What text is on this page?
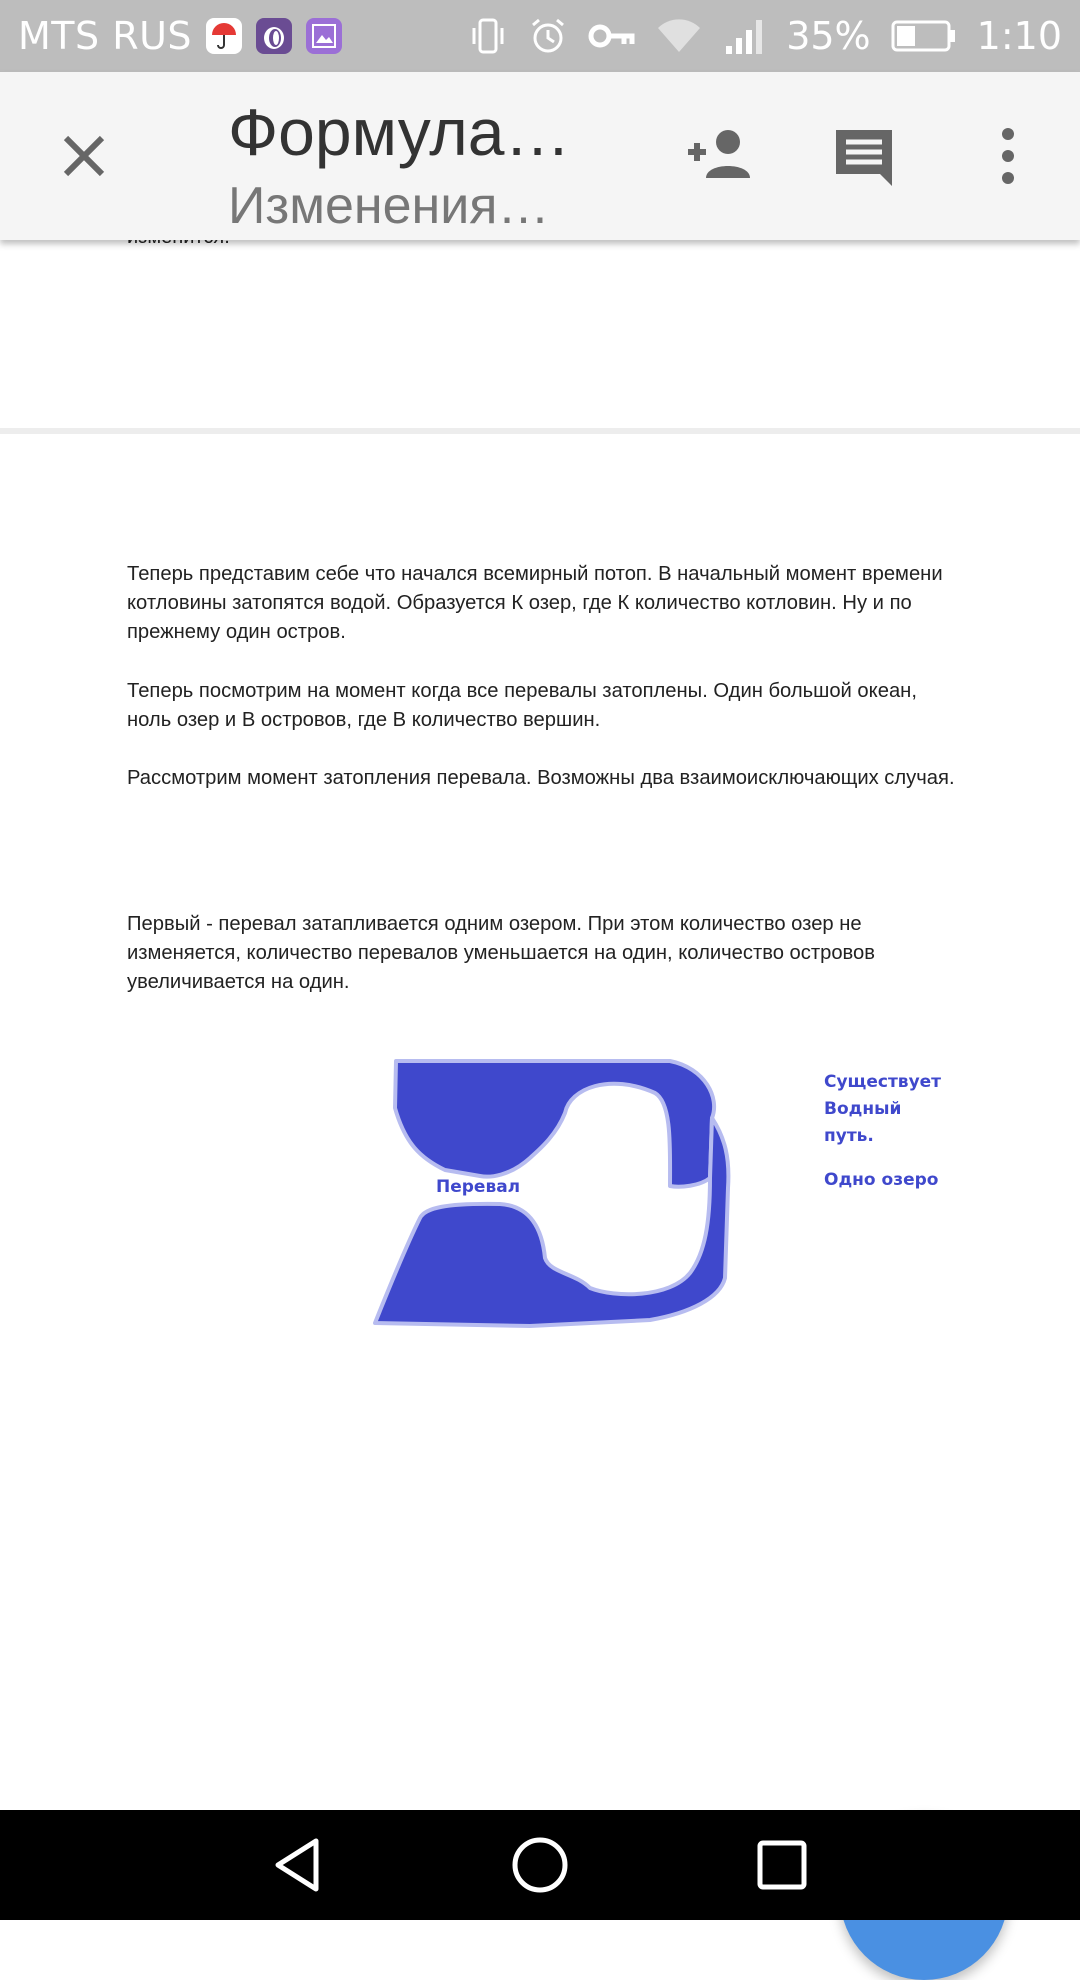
MTS RUS	35%	1:10
Формула…
Изменения…

Теперь представим себе что начался всемирный потоп. В начальный момент времени котловины затопятся водой. Образуется К озер, где К количество котловин. Ну и по прежнему один остров.

Теперь посмотрим на момент когда все перевалы затоплены. Один большой океан, ноль озер и В островов, где В количество вершин.

Рассмотрим момент затопления перевала. Возможны два взаимоисключающих случая.

Первый - перевал затапливается одним озером. При этом количество озер не изменяется, количество перевалов уменьшается на один, количество островов увеличивается на один.

Перевал
Существует
Водный
путь.
Одно озеро
